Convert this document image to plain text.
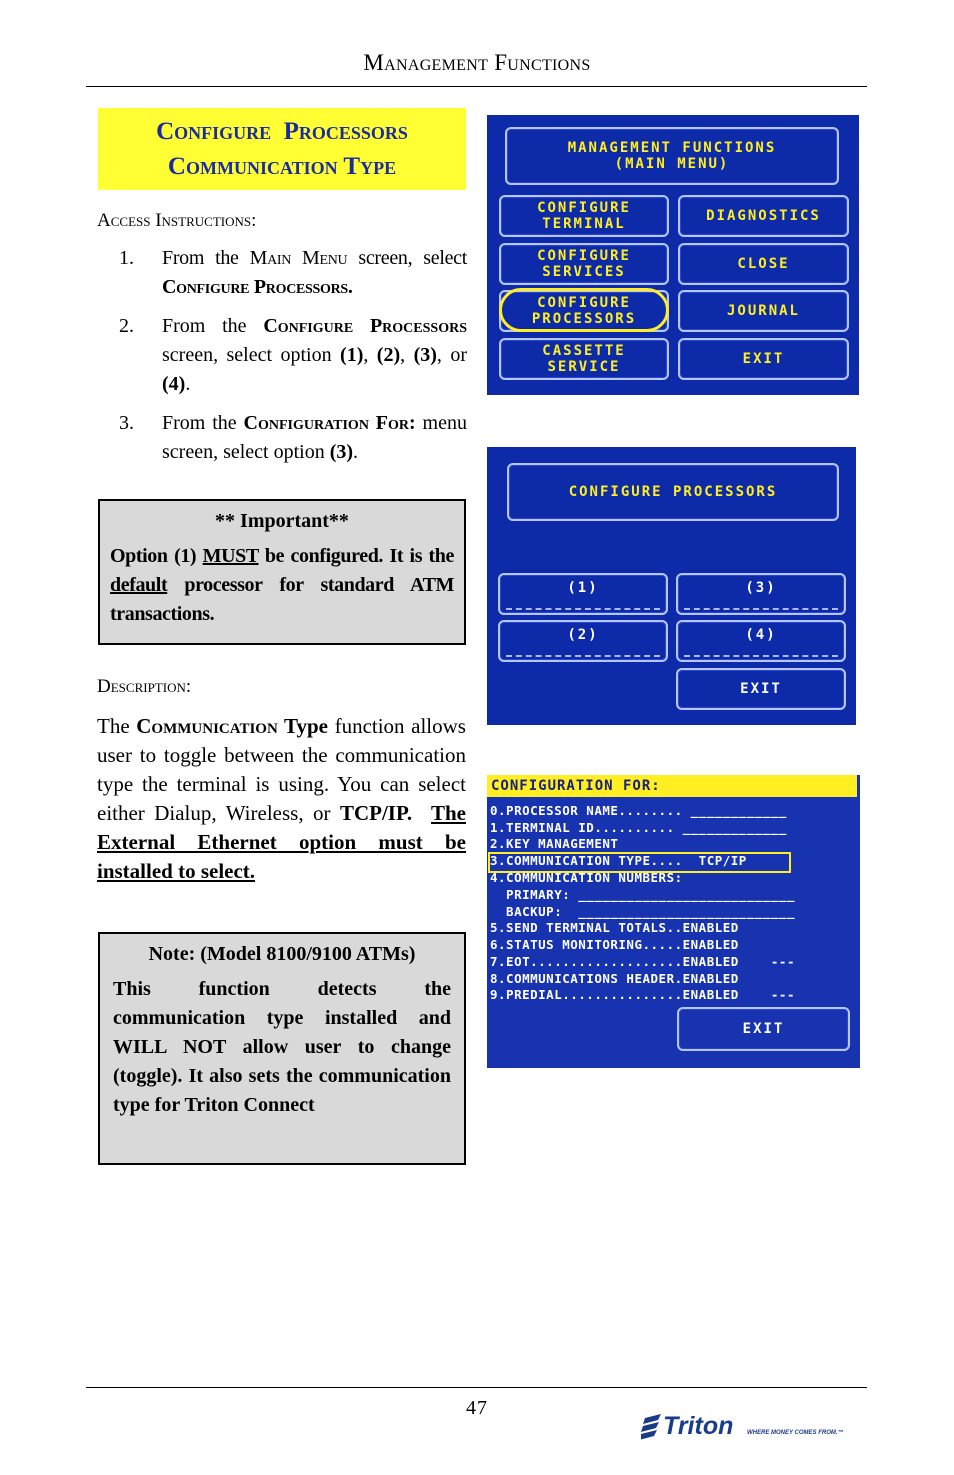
Management Functions
Configure  Processors
Communication Type
Access Instructions:
1.	From the Main Menu screen, select Configure Processors.
2.	From the Configure Processors screen, select option (1), (2), (3), or (4).
3.	From the Configuration For: menu screen, select option (3).
** Important**
Option (1) MUST be configured. It is the default processor for standard ATM transactions.
Description:
The Communication Type function allows user to toggle between the communication type the terminal is using. You can select either Dialup, Wireless, or TCP/IP. The External Ethernet option must be installed to select.
Note: (Model 8100/9100 ATMs)
This function detects the communication type installed and WILL NOT allow user to change (toggle). It also sets the communication type for Triton Connect
MANAGEMENT FUNCTIONS
(MAIN MENU)
CONFIGURE
TERMINAL	DIAGNOSTICS
CONFIGURE
SERVICES	CLOSE
CONFIGURE
PROCESSORS	JOURNAL
CASSETTE
SERVICE	EXIT
CONFIGURE PROCESSORS
(1)	(3)
(2)	(4)
EXIT
CONFIGURATION FOR:
0.PROCESSOR NAME........ ____________
1.TERMINAL ID.......... _____________
2.KEY MANAGEMENT
3.COMMUNICATION TYPE....  TCP/IP
4.COMMUNICATION NUMBERS:
PRIMARY: ___________________________
BACKUP:  ___________________________
5.SEND TERMINAL TOTALS..ENABLED
6.STATUS MONITORING.....ENABLED
7.EOT...................ENABLED    ---
8.COMMUNICATIONS HEADER.ENABLED
9.PREDIAL...............ENABLED    ---
EXIT
47
Triton WHERE MONEY COMES FROM.™
